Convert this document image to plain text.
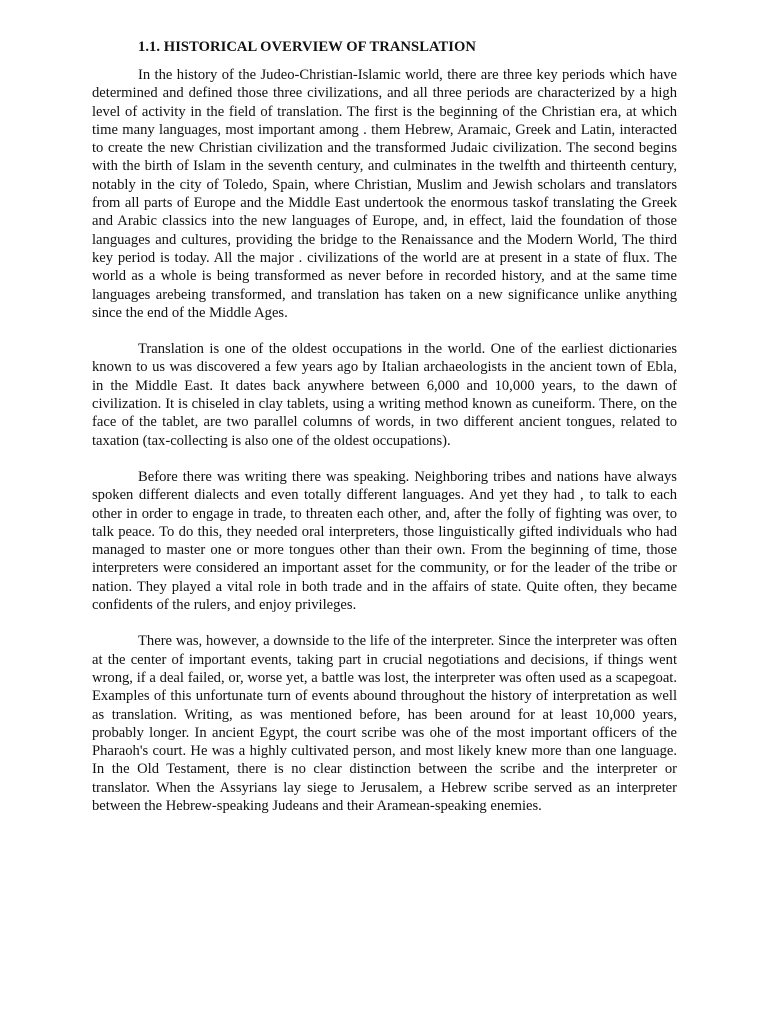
1.1. HISTORICAL OVERVIEW OF TRANSLATION

In the history of the Judeo-Christian-Islamic world, there are three key periods which have determined and defined those three civilizations, and all three periods are characterized by a high level of activity in the field of translation. The first is the beginning of the Christian era, at which time many languages, most important among . them Hebrew, Aramaic, Greek and Latin, interacted to create the new Christian civilization and the transformed Judaic civilization. The second begins with the birth of Islam in the seventh century, and culminates in the twelfth and thirteenth century, notably in the city of Toledo, Spain, where Christian, Muslim and Jewish scholars and translators from all parts of Europe and the Middle East undertook the enormous taskof translating the Greek and Arabic classics into the new languages of Europe, and, in effect, laid the foundation of those languages and cultures, providing the bridge to the Renaissance and the Modern World, The third key period is today. All the major . civilizations of the world are at present in a state of flux. The world as a whole is being transformed as never before in recorded history, and at the same time languages arebeing transformed, and translation has taken on a new significance unlike anything since the end of the Middle Ages.

Translation is one of the oldest occupations in the world. One of the earliest dictionaries known to us was discovered a few years ago by Italian archaeologists in the ancient town of Ebla, in the Middle East. It dates back anywhere between 6,000 and 10,000 years, to the dawn of civilization. It is chiseled in clay tablets, using a writing method known as cuneiform. There, on the face of the tablet, are two parallel columns of words, in two different ancient tongues, related to taxation (tax-collecting is also one of the oldest occupations).

Before there was writing there was speaking. Neighboring tribes and nations have always spoken different dialects and even totally different languages. And yet they had , to talk to each other in order to engage in trade, to threaten each other, and, after the folly of fighting was over, to talk peace. To do this, they needed oral interpreters, those linguistically gifted individuals who had managed to master one or more tongues other than their own. From the beginning of time, those interpreters were considered an important asset for the community, or for the leader of the tribe or nation. They played a vital role in both trade and in the affairs of state. Quite often, they became confidents of the rulers, and enjoy privileges.

There was, however, a downside to the life of the interpreter. Since the interpreter was often at the center of important events, taking part in crucial negotiations and decisions, if things went wrong, if a deal failed, or, worse yet, a battle was lost, the interpreter was often used as a scapegoat. Examples of this unfortunate turn of events abound throughout the history of interpretation as well as translation. Writing, as was mentioned before, has been around for at least 10,000 years, probably longer. In ancient Egypt, the court scribe was ohe of the most important officers of the Pharaoh's court. He was a highly cultivated person, and most likely knew more than one language. In the Old Testament, there is no clear distinction between the scribe and the interpreter or translator. When the Assyrians lay siege to Jerusalem, a Hebrew scribe served as an interpreter between the Hebrew-speaking Judeans and their Aramean-speaking enemies.
